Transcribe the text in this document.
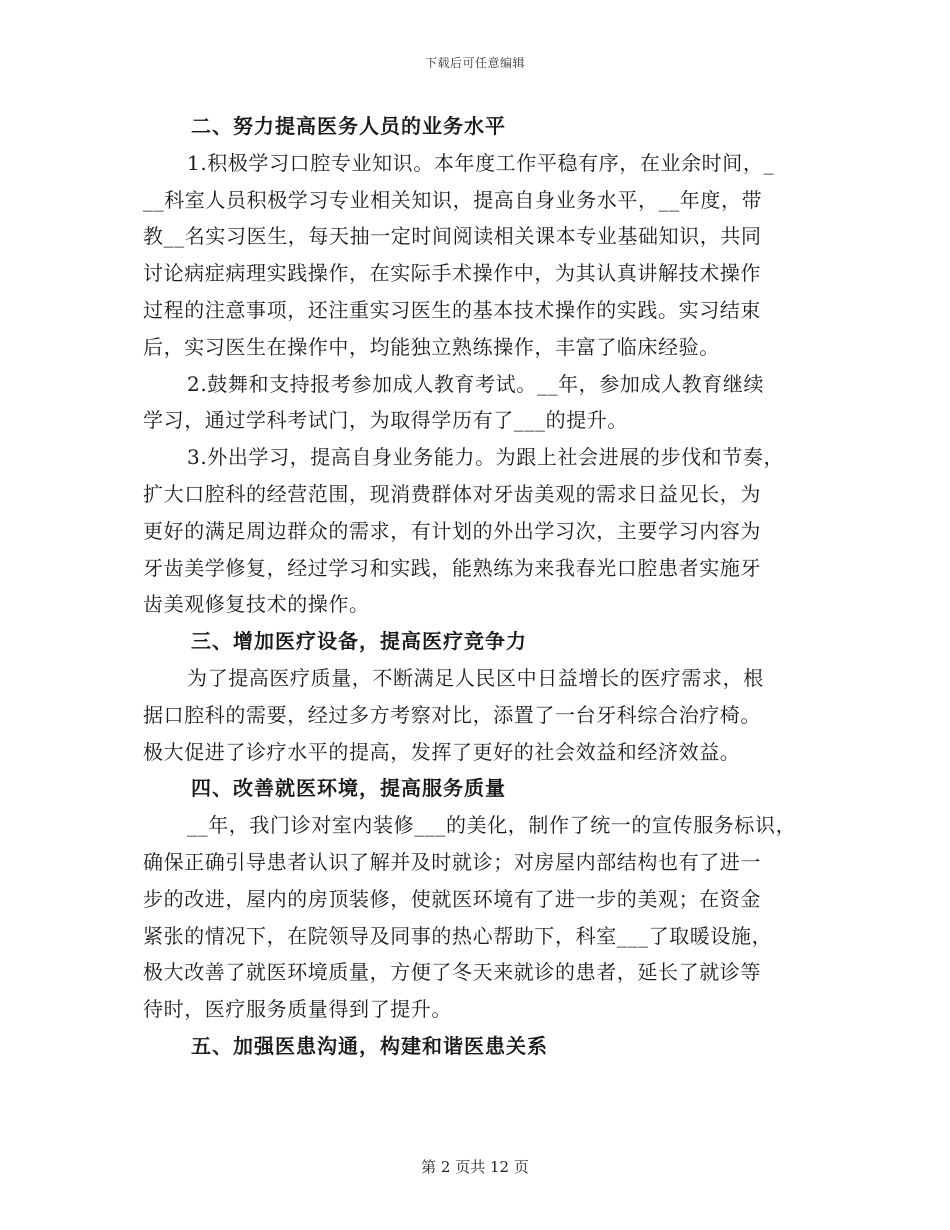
下载后可任意编辑
二、努力提高医务人员的业务水平
1.积极学习口腔专业知识。本年度工作平稳有序，在业余时间，_
__科室人员积极学习专业相关知识，提高自身业务水平，__年度，带
教__名实习医生，每天抽一定时间阅读相关课本专业基础知识，共同
讨论病症病理实践操作，在实际手术操作中，为其认真讲解技术操作
过程的注意事项，还注重实习医生的基本技术操作的实践。实习结束
后，实习医生在操作中，均能独立熟练操作，丰富了临床经验。
2.鼓舞和支持报考参加成人教育考试。__年，参加成人教育继续
学习，通过学科考试门，为取得学历有了___的提升。
3.外出学习，提高自身业务能力。为跟上社会进展的步伐和节奏，
扩大口腔科的经营范围，现消费群体对牙齿美观的需求日益见长，为
更好的满足周边群众的需求，有计划的外出学习次，主要学习内容为
牙齿美学修复，经过学习和实践，能熟练为来我春光口腔患者实施牙
齿美观修复技术的操作。
三、增加医疗设备，提高医疗竞争力
为了提高医疗质量，不断满足人民区中日益增长的医疗需求，根
据口腔科的需要，经过多方考察对比，添置了一台牙科综合治疗椅。
极大促进了诊疗水平的提高，发挥了更好的社会效益和经济效益。
四、改善就医环境，提高服务质量
__年，我门诊对室内装修___的美化，制作了统一的宣传服务标识，
确保正确引导患者认识了解并及时就诊；对房屋内部结构也有了进一
步的改进，屋内的房顶装修，使就医环境有了进一步的美观；在资金
紧张的情况下，在院领导及同事的热心帮助下，科室___了取暖设施，
极大改善了就医环境质量，方便了冬天来就诊的患者，延长了就诊等
待时，医疗服务质量得到了提升。
五、加强医患沟通，构建和谐医患关系
第 2 页共 12 页
